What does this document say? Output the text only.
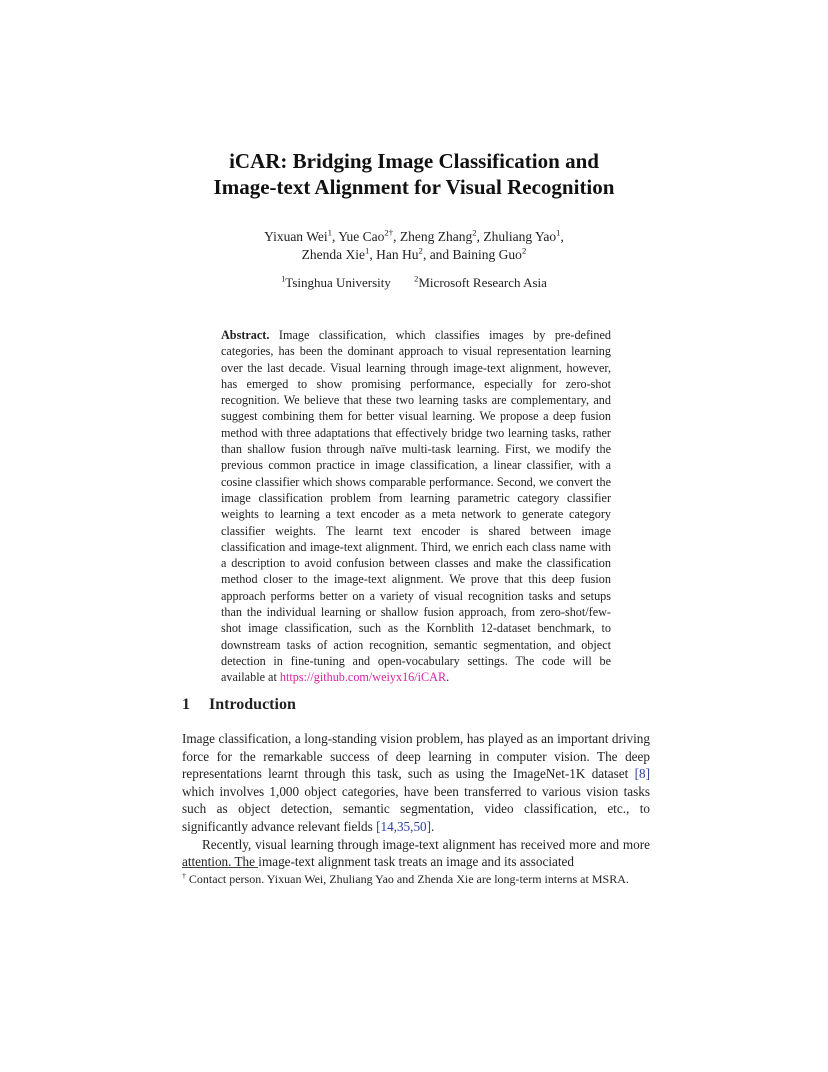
iCAR: Bridging Image Classification and
Image-text Alignment for Visual Recognition
Yixuan Wei$^1$, Yue Cao$^{2\dagger}$, Zheng Zhang$^2$, Zhuliang Yao$^1$,
Zhenda Xie$^1$, Han Hu$^2$, and Baining Guo$^2$
$^1$Tsinghua University	$^2$Microsoft Research Asia
Abstract. Image classification, which classifies images by pre-defined categories, has been the dominant approach to visual representation learning over the last decade. Visual learning through image-text alignment, however, has emerged to show promising performance, especially for zero-shot recognition. We believe that these two learning tasks are complementary, and suggest combining them for better visual learning. We propose a deep fusion method with three adaptations that effectively bridge two learning tasks, rather than shallow fusion through naïve multi-task learning. First, we modify the previous common practice in image classification, a linear classifier, with a cosine classifier which shows comparable performance. Second, we convert the image classification problem from learning parametric category classifier weights to learning a text encoder as a meta network to generate category classifier weights. The learnt text encoder is shared between image classification and image-text alignment. Third, we enrich each class name with a description to avoid confusion between classes and make the classification method closer to the image-text alignment. We prove that this deep fusion approach performs better on a variety of visual recognition tasks and setups than the individual learning or shallow fusion approach, from zero-shot/few-shot image classification, such as the Kornblith 12-dataset benchmark, to downstream tasks of action recognition, semantic segmentation, and object detection in fine-tuning and open-vocabulary settings. The code will be available at https://github.com/weiyx16/iCAR.
1 Introduction

Image classification, a long-standing vision problem, has played as an important driving force for the remarkable success of deep learning in computer vision. The deep representations learnt through this task, such as using the ImageNet-1K dataset [8] which involves 1,000 object categories, have been transferred to various vision tasks such as object detection, semantic segmentation, video classification, etc., to significantly advance relevant fields [14,35,50].

Recently, visual learning through image-text alignment has received more and more attention. The image-text alignment task treats an image and its associated

† Contact person. Yixuan Wei, Zhuliang Yao and Zhenda Xie are long-term interns at MSRA.
